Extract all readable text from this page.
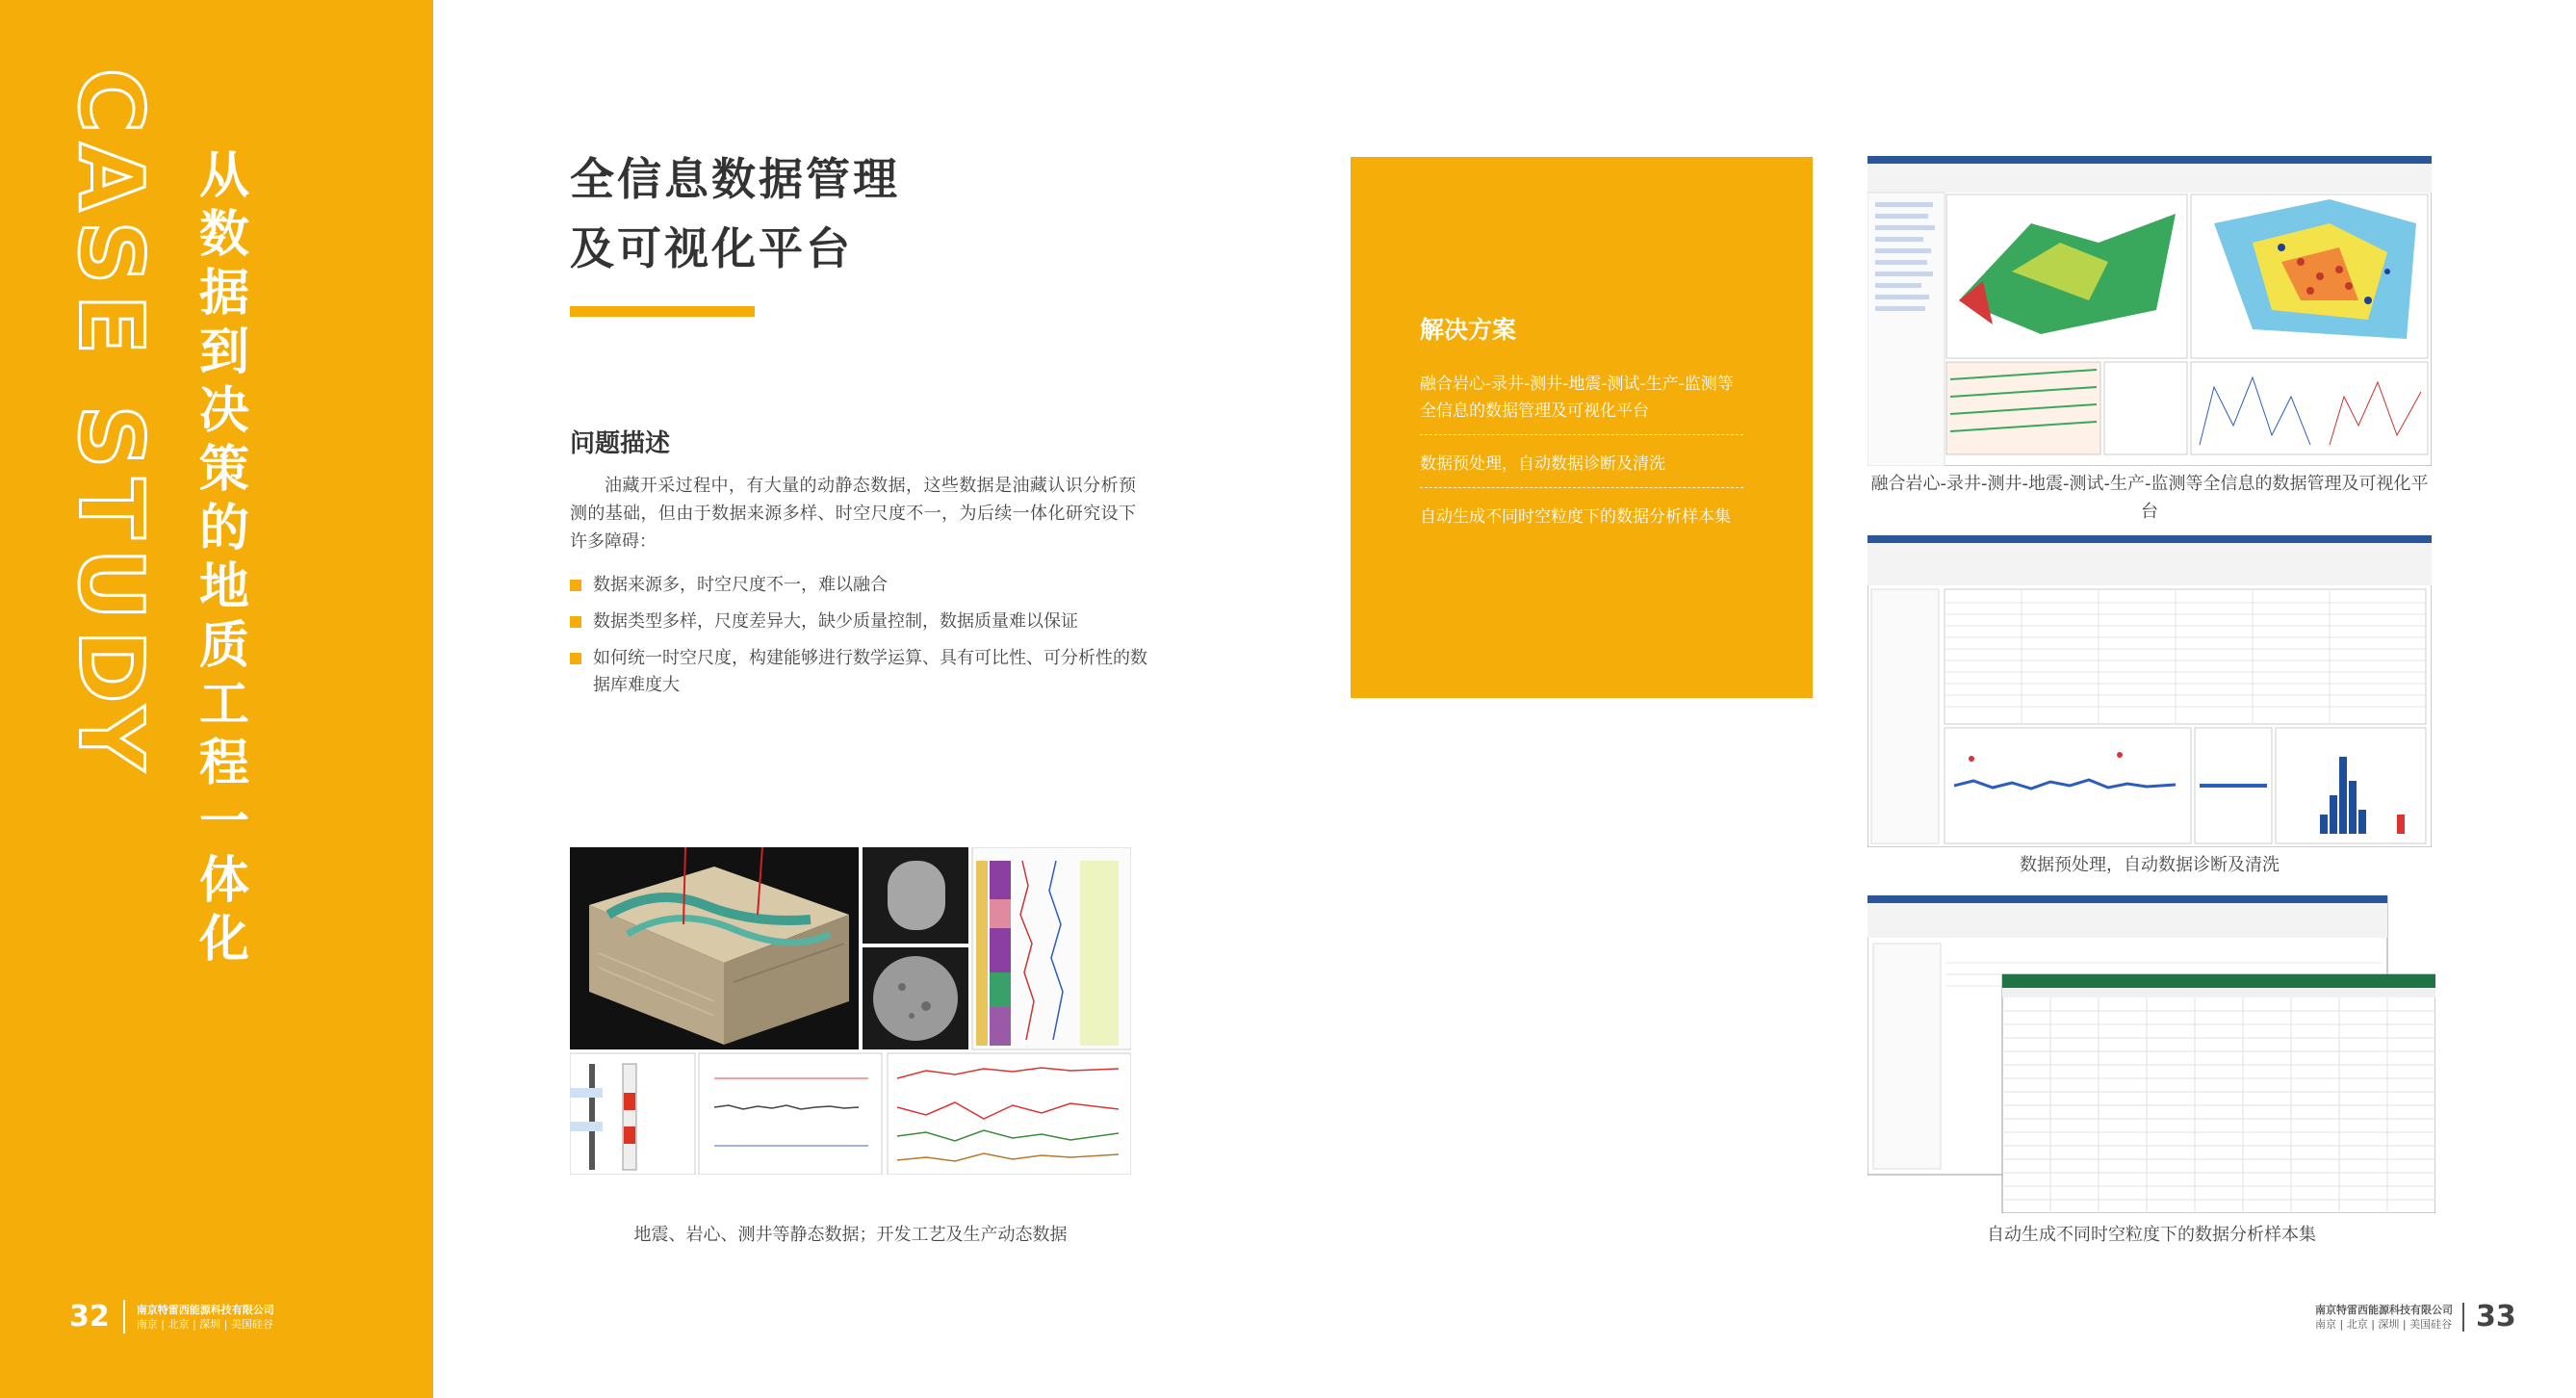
CASE STUDY 从数据到决策的地质工程一体化
32	南京特雷西能源科技有限公司
南京 | 北京 | 深圳 | 美国硅谷
全信息数据管理
及可视化平台
问题描述
油藏开采过程中，有大量的动静态数据，这些数据是油藏认识分析预测的基础，但由于数据来源多样、时空尺度不一，为后续一体化研究设下许多障碍：
数据来源多，时空尺度不一，难以融合
数据类型多样，尺度差异大，缺少质量控制，数据质量难以保证
如何统一时空尺度，构建能够进行数学运算、具有可比性、可分析性的数据库难度大
地震、岩心、测井等静态数据；开发工艺及生产动态数据
解决方案
融合岩心-录井-测井-地震-测试-生产-监测等全信息的数据管理及可视化平台
数据预处理，自动数据诊断及清洗
自动生成不同时空粒度下的数据分析样本集
融合岩心-录井-测井-地震-测试-生产-监测等全信息的数据管理及可视化平台
数据预处理，自动数据诊断及清洗
自动生成不同时空粒度下的数据分析样本集
南京特雷西能源科技有限公司
南京 | 北京 | 深圳 | 美国硅谷 33
